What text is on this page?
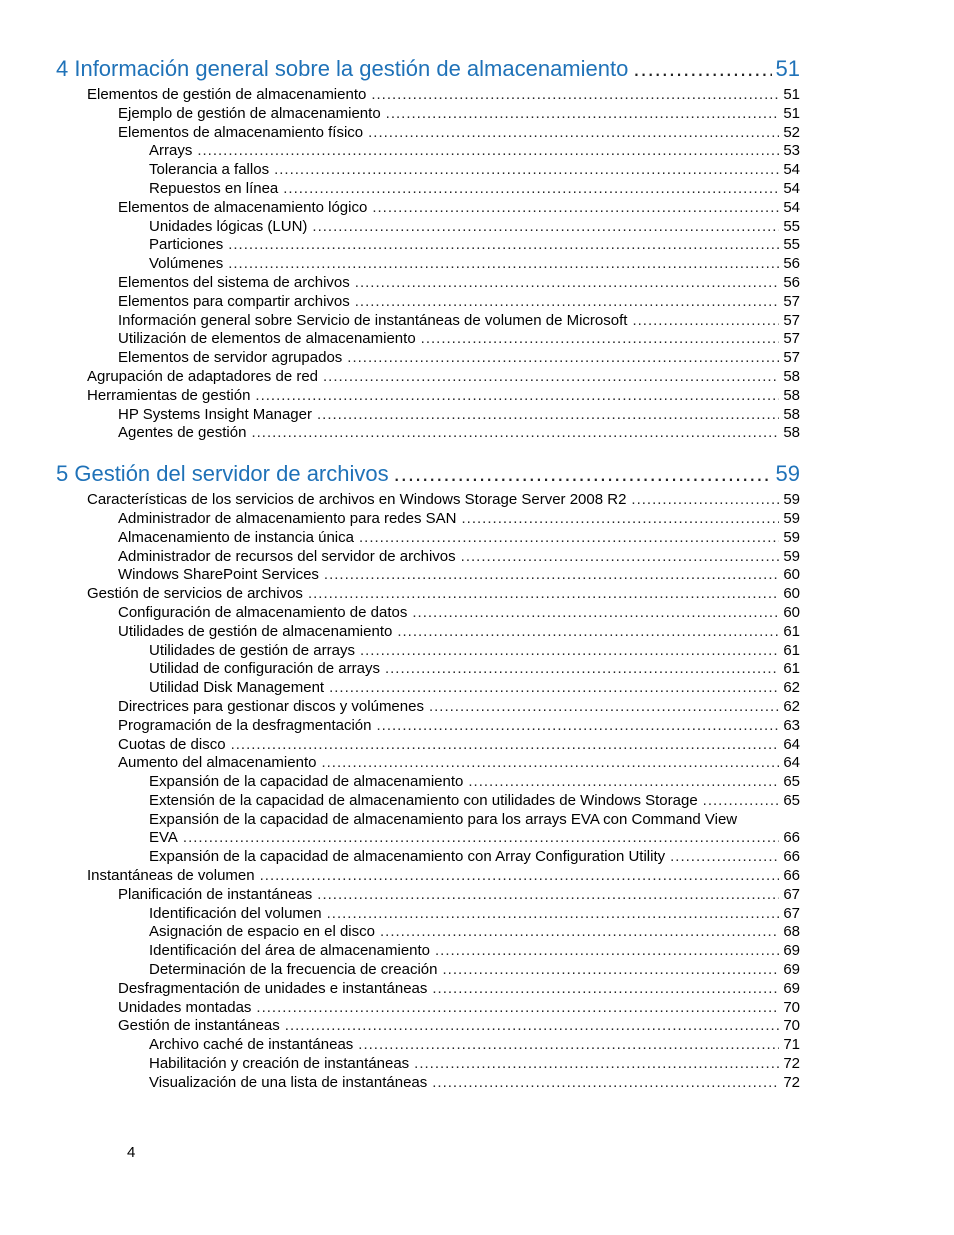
4 Información general sobre la gestión de almacenamiento .....	51
Elementos de gestión de almacenamiento .....	51
Ejemplo de gestión de almacenamiento .....	51
Elementos de almacenamiento físico .....	52
Arrays .....	53
Tolerancia a fallos .....	54
Repuestos en línea .....	54
Elementos de almacenamiento lógico .....	54
Unidades lógicas (LUN) .....	55
Particiones .....	55
Volúmenes .....	56
Elementos del sistema de archivos .....	56
Elementos para compartir archivos .....	57
Información general sobre Servicio de instantáneas de volumen de Microsoft .....	57
Utilización de elementos de almacenamiento .....	57
Elementos de servidor agrupados .....	57
Agrupación de adaptadores de red .....	58
Herramientas de gestión .....	58
HP Systems Insight Manager .....	58
Agentes de gestión .....	58
5 Gestión del servidor de archivos .....	59
Características de los servicios de archivos en Windows Storage Server 2008 R2 .....	59
Administrador de almacenamiento para redes SAN .....	59
Almacenamiento de instancia única .....	59
Administrador de recursos del servidor de archivos .....	59
Windows SharePoint Services .....	60
Gestión de servicios de archivos .....	60
Configuración de almacenamiento de datos .....	60
Utilidades de gestión de almacenamiento .....	61
Utilidades de gestión de arrays .....	61
Utilidad de configuración de arrays .....	61
Utilidad Disk Management .....	62
Directrices para gestionar discos y volúmenes .....	62
Programación de la desfragmentación .....	63
Cuotas de disco .....	64
Aumento del almacenamiento .....	64
Expansión de la capacidad de almacenamiento .....	65
Extensión de la capacidad de almacenamiento con utilidades de Windows Storage .....	65
Expansión de la capacidad de almacenamiento para los arrays EVA con Command View
EVA .....	66
Expansión de la capacidad de almacenamiento con Array Configuration Utility .....	66
Instantáneas de volumen .....	66
Planificación de instantáneas .....	67
Identificación del volumen .....	67
Asignación de espacio en el disco .....	68
Identificación del área de almacenamiento .....	69
Determinación de la frecuencia de creación .....	69
Desfragmentación de unidades e instantáneas .....	69
Unidades montadas .....	70
Gestión de instantáneas .....	70
Archivo caché de instantáneas .....	71
Habilitación y creación de instantáneas .....	72
Visualización de una lista de instantáneas .....	72
4
